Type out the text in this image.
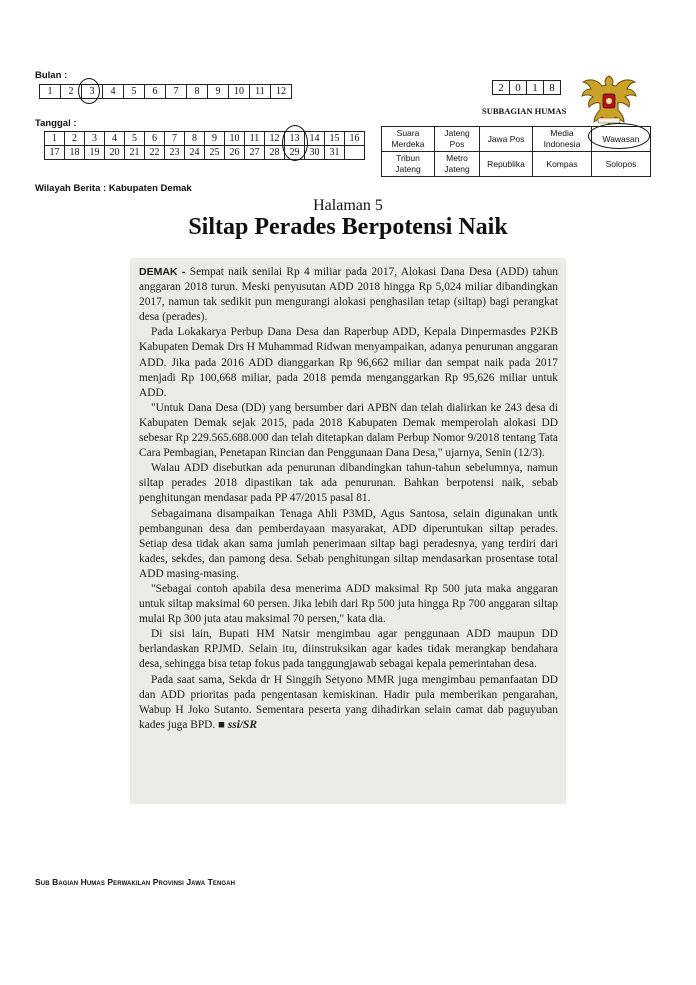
Bulan :
1	2	3	4	5	6	7	8	9	10	11	12
Tanggal :
1	2	3	4	5	6	7	8	9	10	11	12	13	14	15	16
17	18	19	20	21	22	23	24	25	26	27	28	29	30	31	
Wilayah Berita : Kabupaten Demak
2	0	1	8
SUBBAGIAN HUMAS
Suara Merdeka	Jateng Pos	Jawa Pos	Media Indonesia	Wawasan
Tribun Jateng	Metro Jateng	Republika	Kompas	Solopos
Halaman 5
Siltap Perades Berpotensi Naik

DEMAK - Sempat naik senilai Rp 4 miliar pada 2017, Alokasi Dana Desa (ADD) tahun anggaran 2018 turun. Meski penyusutan ADD 2018 hingga Rp 5,024 miliar dibandingkan 2017, namun tak sedikit pun mengurangi alokasi penghasilan tetap (siltap) bagi perangkat desa (perades).

Pada Lokakarya Perbup Dana Desa dan Raperbup ADD, Kepala Dinpermasdes P2KB Kabupaten Demak Drs H Muhammad Ridwan menyampaikan, adanya penurunan anggaran ADD. Jika pada 2016 ADD dianggarkan Rp 96,662 miliar dan sempat naik pada 2017 menjadi Rp 100,668 miliar, pada 2018 pemda menganggarkan Rp 95,626 miliar untuk ADD.

"Untuk Dana Desa (DD) yang bersumber dari APBN dan telah dialirkan ke 243 desa di Kabupaten Demak sejak 2015, pada 2018 Kabupaten Demak memperolah alokasi DD sebesar Rp 229.565.688.000 dan telah ditetapkan dalam Perbup Nomor 9/2018 tentang Tata Cara Pembagian, Penetapan Rincian dan Penggunaan Dana Desa," ujarnya, Senin (12/3).

Walau ADD disebutkan ada penurunan dibandingkan tahun-tahun sebelumnya, namun siltap perades 2018 dipastikan tak ada penurunan. Bahkan berpotensi naik, sebab penghitungan mendasar pada PP 47/2015 pasal 81.

Sebagaimana disampaikan Tenaga Ahli P3MD, Agus Santosa, selain digunakan untk pembangunan desa dan pemberdayaan masyarakat, ADD diperuntukan siltap perades. Setiap desa tidak akan sama jumlah penerimaan siltap bagi peradesnya, yang terdiri dari kades, sekdes, dan pamong desa. Sebab penghitungan siltap mendasarkan prosentase total ADD masing-masing.

"Sebagai contoh apabila desa menerima ADD maksimal Rp 500 juta maka anggaran untuk siltap maksimal 60 persen. Jika lebih dari Rp 500 juta hingga Rp 700 anggaran siltap mulai Rp 300 juta atau maksimal 70 persen," kata dia.

Di sisi lain, Bupati HM Natsir mengimbau agar penggunaan ADD maupun DD berlandaskan RPJMD. Selain itu, diinstruksikan agar kades tidak merangkap bendahara desa, sehingga bisa tetap fokus pada tanggungjawab sebagai kepala pemerintahan desa.

Pada saat sama, Sekda dr H Singgih Setyono MMR juga mengimbau pemanfaatan DD dan ADD prioritas pada pengentasan kemiskinan. Hadir pula memberikan pengarahan, Wabup H Joko Sutanto. Sementara peserta yang dihadirkan selain camat dab paguyuban kades juga BPD. ■ ssi/SR

Sub Bagian Humas Perwakilan Provinsi Jawa Tengah
